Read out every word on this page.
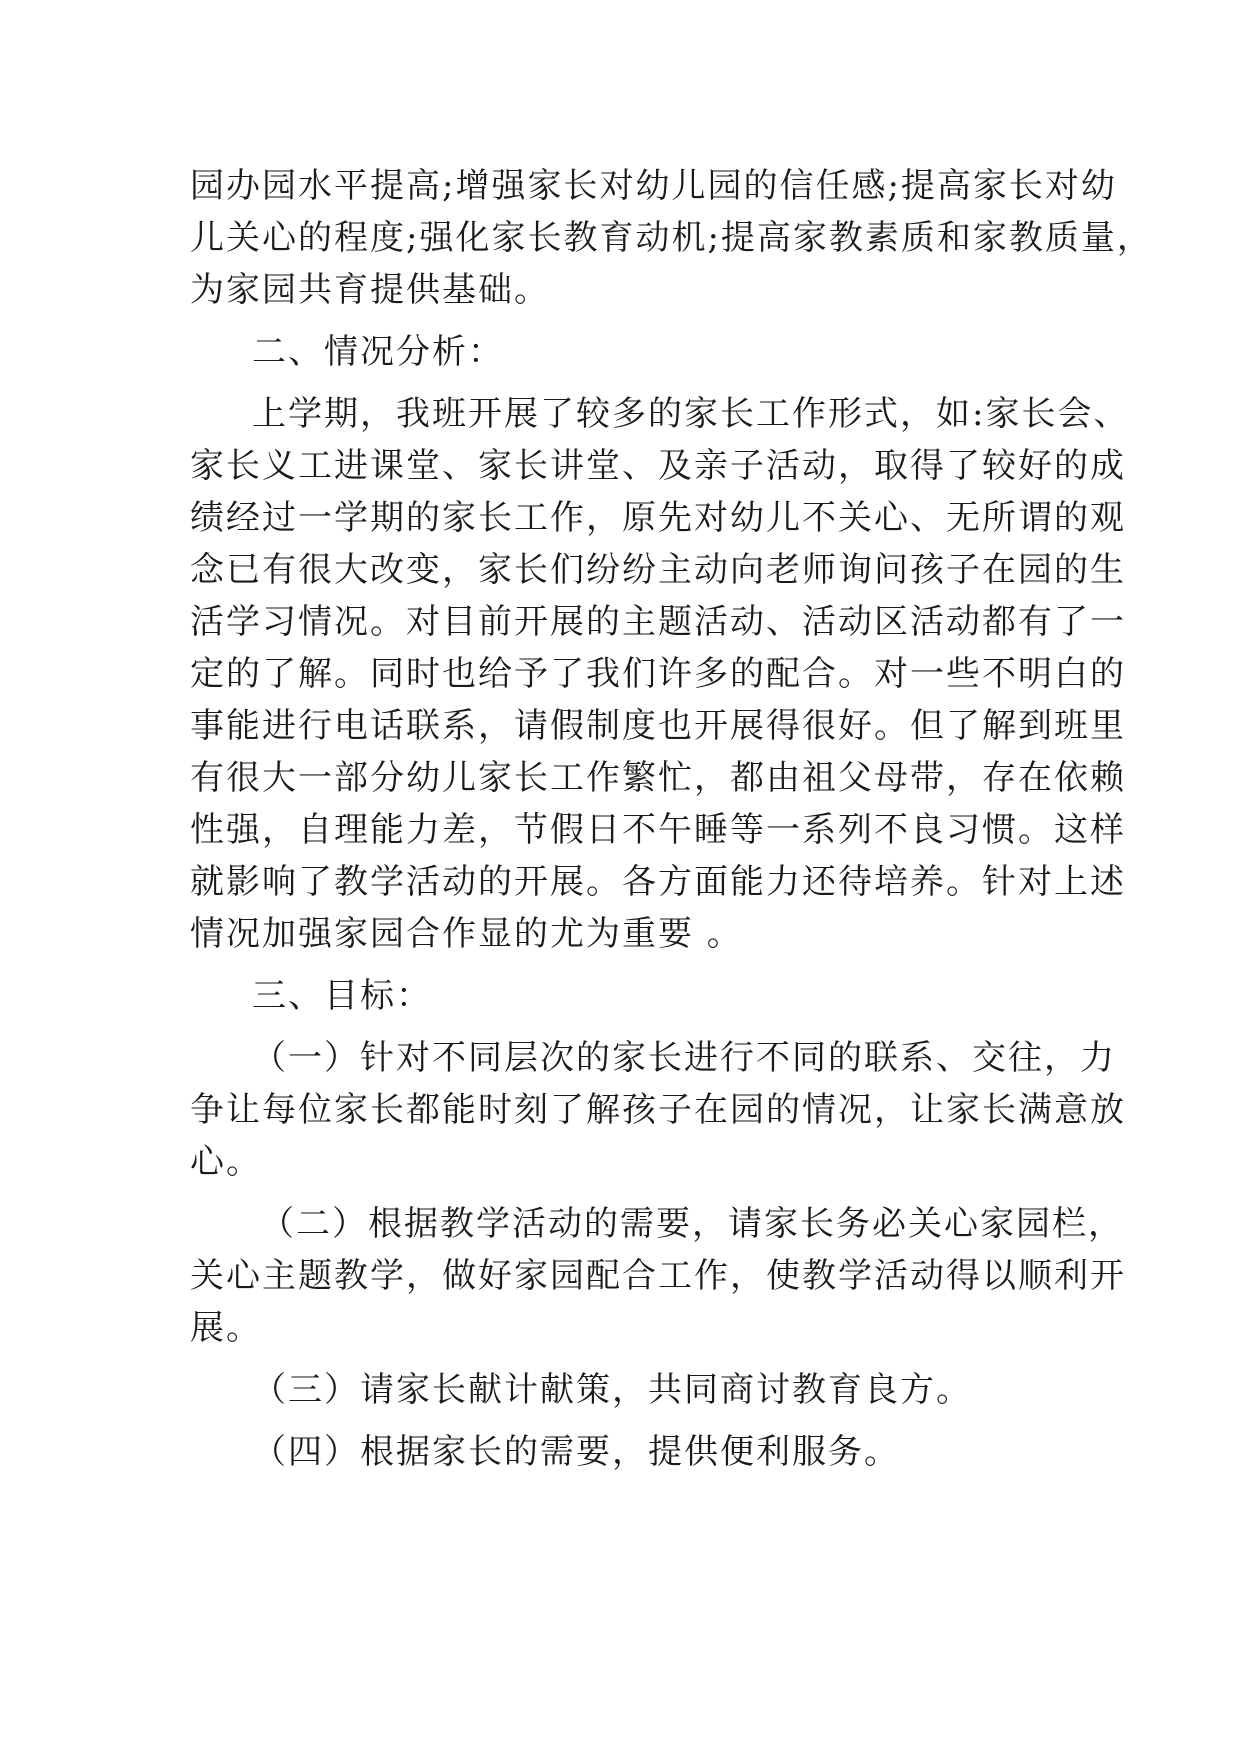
园办园水平提高;增强家长对幼儿园的信任感;提高家长对幼
儿关心的程度;强化家长教育动机;提高家教素质和家教质量，
为家园共育提供基础。

二、情况分析：

上学期，我班开展了较多的家长工作形式，如:家长会、
家长义工进课堂、家长讲堂、及亲子活动，取得了较好的成
绩经过一学期的家长工作，原先对幼儿不关心、无所谓的观
念已有很大改变，家长们纷纷主动向老师询问孩子在园的生
活学习情况。对目前开展的主题活动、活动区活动都有了一
定的了解。同时也给予了我们许多的配合。对一些不明白的
事能进行电话联系，请假制度也开展得很好。但了解到班里
有很大一部分幼儿家长工作繁忙，都由祖父母带，存在依赖
性强，自理能力差，节假日不午睡等一系列不良习惯。这样
就影响了教学活动的开展。各方面能力还待培养。针对上述
情况加强家园合作显的尤为重要 。

三、目标：

（一）针对不同层次的家长进行不同的联系、交往，力
争让每位家长都能时刻了解孩子在园的情况，让家长满意放
心。

（二）根据教学活动的需要，请家长务必关心家园栏，
关心主题教学，做好家园配合工作，使教学活动得以顺利开
展。

（三）请家长献计献策，共同商讨教育良方。

（四）根据家长的需要，提供便利服务。
